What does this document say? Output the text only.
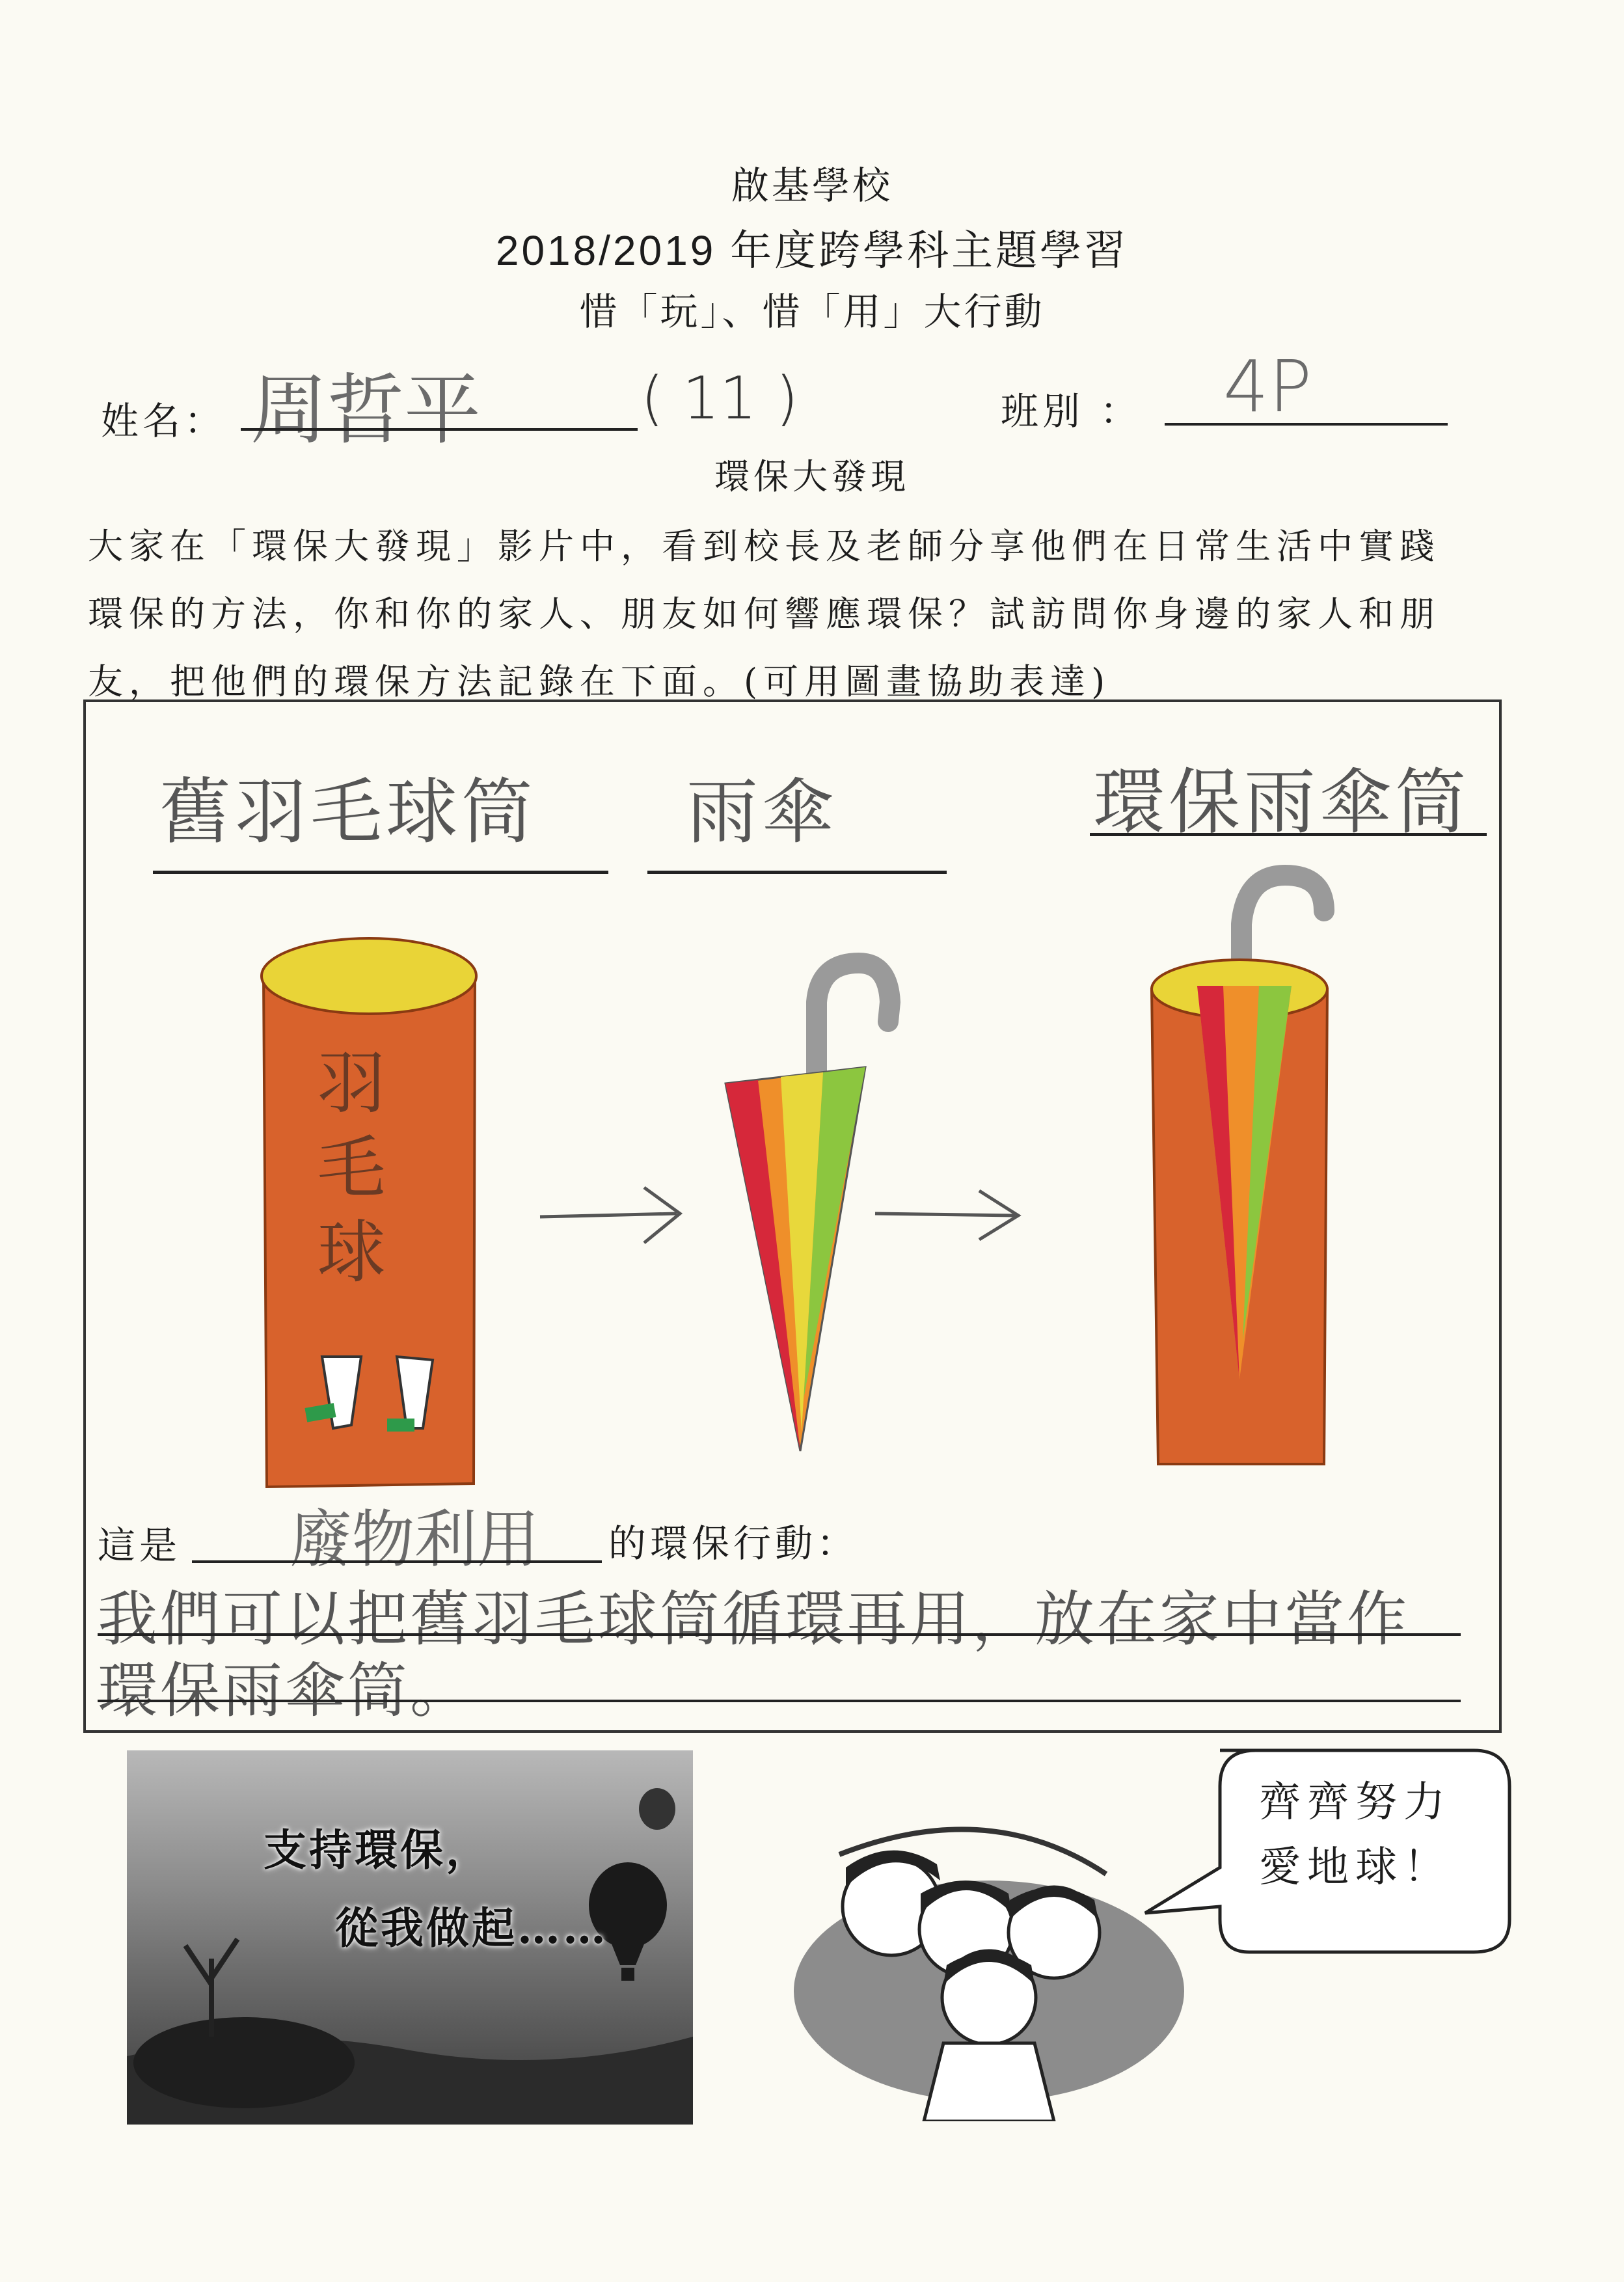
啟基學校
2018/2019 年度跨學科主題學習
惜「玩」、惜「用」大行動
姓名： 周哲平	( 11 )	班別 ： 4P
環保大發現
大家在「環保大發現」影片中，看到校長及老師分享他們在日常生活中實踐
環保的方法，你和你的家人、朋友如何響應環保？試訪問你身邊的家人和朋
友，把他們的環保方法記錄在下面。(可用圖畫協助表達)
舊羽毛球筒 雨傘	環保雨傘筒
羽
毛
球
這是 廢物利用 的環保行動：
我們可以把舊羽毛球筒循環再用，放在家中當作
環保雨傘筒。
支持環保，
從我做起……
齊齊努力
愛地球！
